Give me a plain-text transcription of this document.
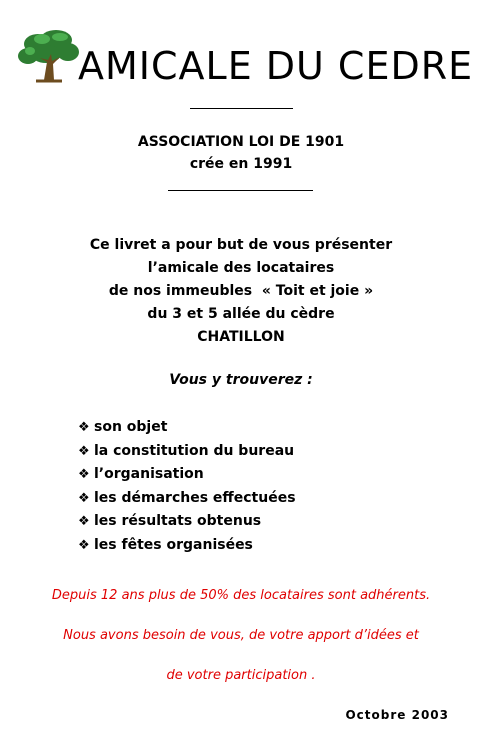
AMICALE DU CEDRE
ASSOCIATION LOI DE 1901
crée en 1991
Ce livret a pour but de vous présenter
l’amicale des locataires
de nos immeubles  « Toit et joie »
du 3 et 5 allée du cèdre
CHATILLON
Vous y trouverez :
❖ son objet
❖ la constitution du bureau
❖ l’organisation
❖ les démarches effectuées
❖ les résultats obtenus
❖ les fêtes organisées
Depuis 12 ans plus de 50% des locataires sont adhérents.
Nous avons besoin de vous, de votre apport d’idées et
de votre participation .
Octobre 2003
